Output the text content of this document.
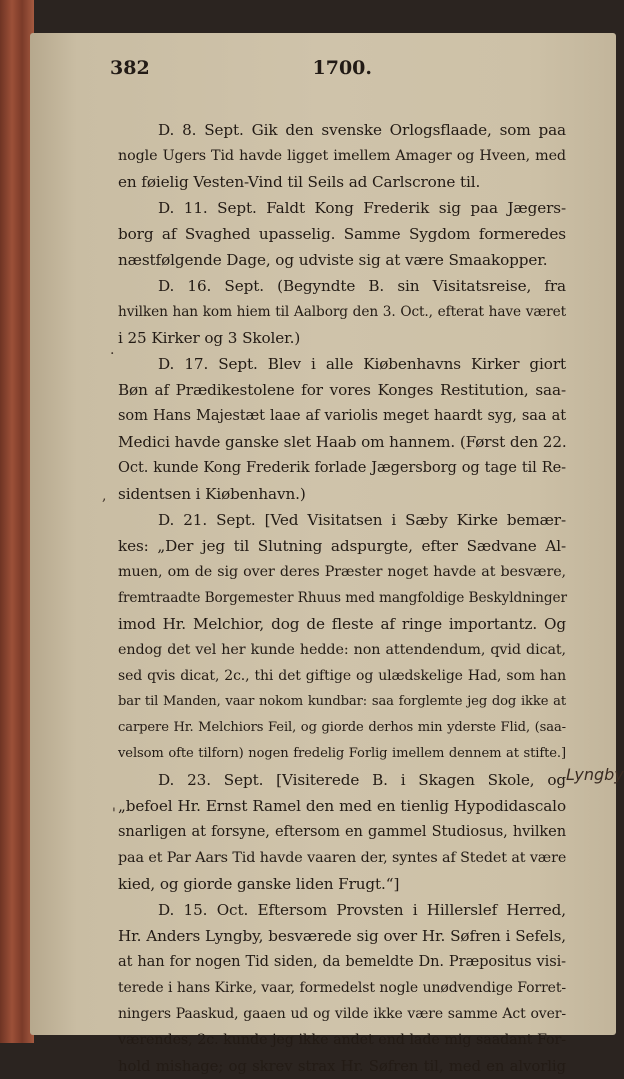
382	1700.
D. 8. Sept. Gik den svenske Orlogsflaade, som paa
nogle Ugers Tid havde ligget imellem Amager og Hveen, med
en føielig Vesten-Vind til Seils ad Carlscrone til.
D. 11. Sept. Faldt Kong Frederik sig paa Jægers-
borg af Svaghed upasselig. Samme Sygdom formeredes
næstfølgende Dage, og udviste sig at være Smaakopper.
D. 16. Sept. (Begyndte B. sin Visitatsreise, fra
hvilken han kom hiem til Aalborg den 3. Oct., efterat have været
i 25 Kirker og 3 Skoler.)
D. 17. Sept. Blev i alle Kiøbenhavns Kirker giort
Bøn af Prædikestolene for vores Konges Restitution, saa-
som Hans Majestæt laae af variolis meget haardt syg, saa at
Medici havde ganske slet Haab om hannem. (Først den 22.
Oct. kunde Kong Frederik forlade Jægersborg og tage til Re-
sidentsen i Kiøbenhavn.)
D. 21. Sept. [Ved Visitatsen i Sæby Kirke bemær-
kes: „Der jeg til Slutning adspurgte, efter Sædvane Al-
muen, om de sig over deres Præster noget havde at besvære,
fremtraadte Borgemester Rhuus med mangfoldige Beskyldninger
imod Hr. Melchior, dog de fleste af ringe importantz. Og
endog det vel her kunde hedde: non attendendum, qvid dicat,
sed qvis dicat, 2c., thi det giftige og ulædskelige Had, som han
bar til Manden, vaar nokom kundbar: saa forglemte jeg dog ikke at
carpere Hr. Melchiors Feil, og giorde derhos min yderste Flid, (saa-
velsom ofte tilforn) nogen fredelig Forlig imellem dennem at stifte.]
D. 23. Sept. [Visiterede B. i Skagen Skole, og
„befoel Hr. Ernst Ramel den med en tienlig Hypodidascalo
snarligen at forsyne, eftersom en gammel Studiosus, hvilken
paa et Par Aars Tid havde vaaren der, syntes af Stedet at være
kied, og giorde ganske liden Frugt.“]
D. 15. Oct. Eftersom Provsten i Hillerslef Herred,
Hr. Anders Lyngby, besværede sig over Hr. Søfren i Sefels,
at han for nogen Tid siden, da bemeldte Dn. Præpositus visi-
terede i hans Kirke, vaar, formedelst nogle unødvendige Forret-
ningers Paaskud, gaaen ud og vilde ikke være samme Act over-
værendes, 2c. kunde jeg ikke andet end lade mig saadant For-
hold mishage; og skrev strax Hr. Søfren til, med en alvorlig
Lyngby
.
,
'
